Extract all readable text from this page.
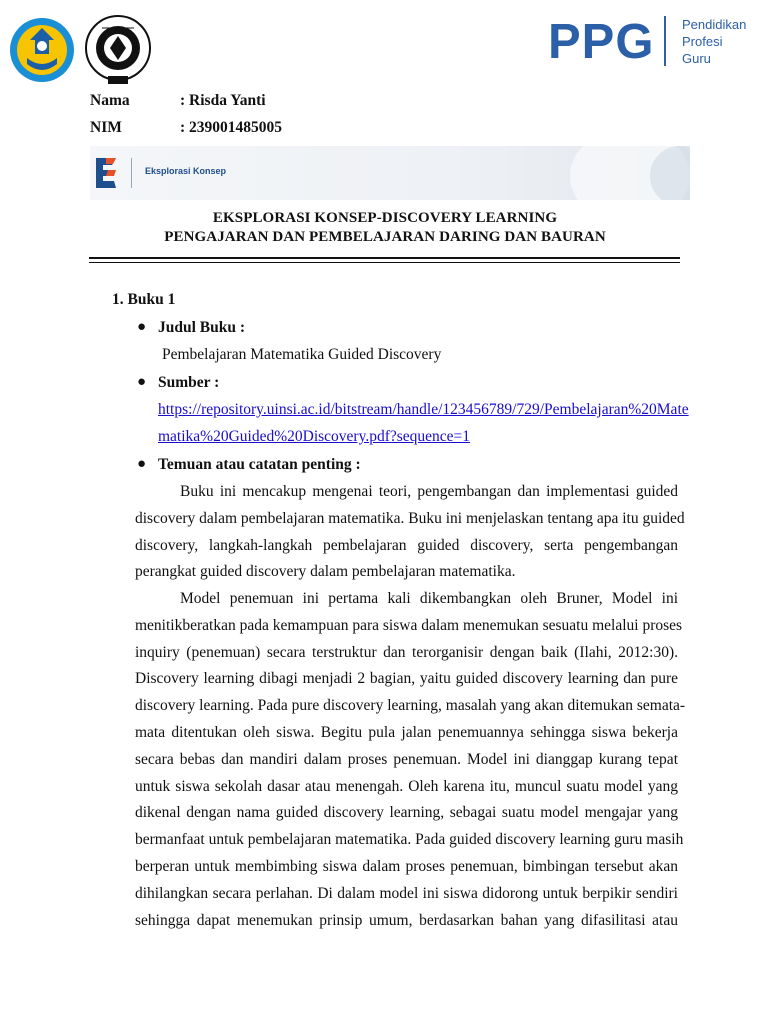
PPG Pendidikan
Profesi
Guru
Nama	: Risda Yanti
NIM	: 239001485005
Eksplorasi Konsep
EKSPLORASI KONSEP-DISCOVERY LEARNING
PENGAJARAN DAN PEMBELAJARAN DARING DAN BAURAN
1. Buku 1
● Judul Buku :
Pembelajaran Matematika Guided Discovery
● Sumber :
https://repository.uinsi.ac.id/bitstream/handle/123456789/729/Pembelajaran%20Mate
matika%20Guided%20Discovery.pdf?sequence=1
● Temuan atau catatan penting :
Buku ini mencakup mengenai teori, pengembangan dan implementasi guided
discovery dalam pembelajaran matematika. Buku ini menjelaskan tentang apa itu guided
discovery, langkah-langkah pembelajaran guided discovery, serta pengembangan
perangkat guided discovery dalam pembelajaran matematika.
Model penemuan ini pertama kali dikembangkan oleh Bruner, Model ini
menitikberatkan pada kemampuan para siswa dalam menemukan sesuatu melalui proses
inquiry (penemuan) secara terstruktur dan terorganisir dengan baik (Ilahi, 2012:30).
Discovery learning dibagi menjadi 2 bagian, yaitu guided discovery learning dan pure
discovery learning. Pada pure discovery learning, masalah yang akan ditemukan semata-
mata ditentukan oleh siswa. Begitu pula jalan penemuannya sehingga siswa bekerja
secara bebas dan mandiri dalam proses penemuan. Model ini dianggap kurang tepat
untuk siswa sekolah dasar atau menengah. Oleh karena itu, muncul suatu model yang
dikenal dengan nama guided discovery learning, sebagai suatu model mengajar yang
bermanfaat untuk pembelajaran matematika. Pada guided discovery learning guru masih
berperan untuk membimbing siswa dalam proses penemuan, bimbingan tersebut akan
dihilangkan secara perlahan. Di dalam model ini siswa didorong untuk berpikir sendiri
sehingga dapat menemukan prinsip umum, berdasarkan bahan yang difasilitasi atau
